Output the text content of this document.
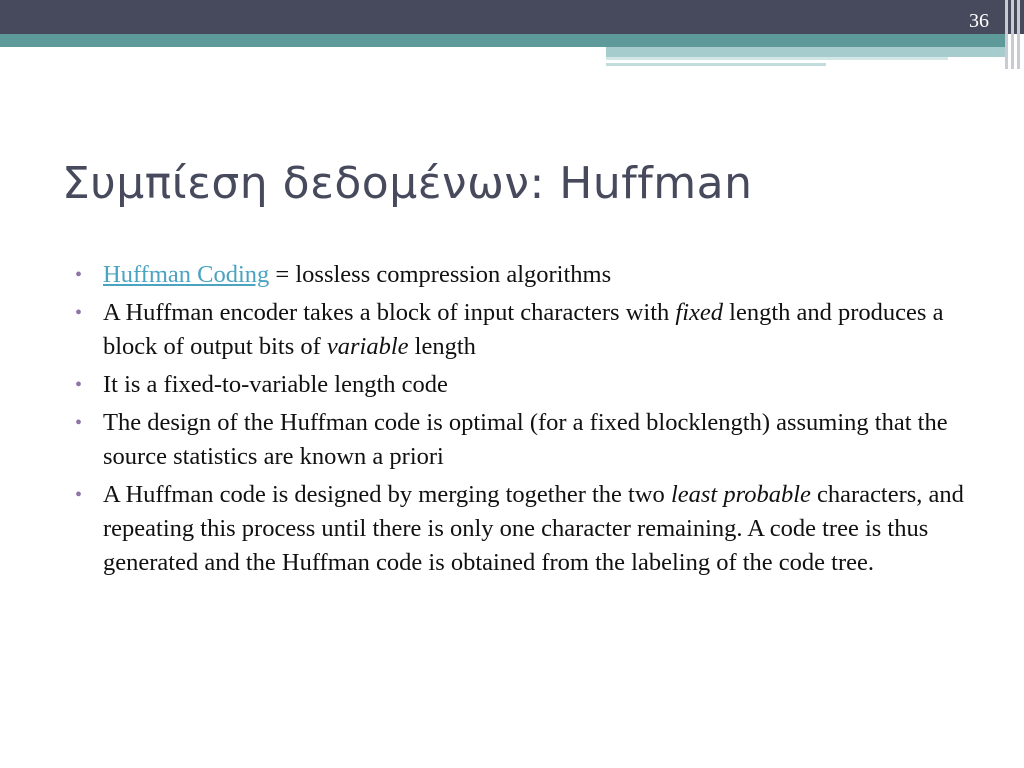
36
Συμπίεση δεδομένων: Huffman
• Huffman Coding = lossless compression algorithms
• A Huffman encoder takes a block of input characters with fixed length and produces a block of output bits of variable length
• It is a fixed-to-variable length code
• The design of the Huffman code is optimal (for a fixed blocklength) assuming that the source statistics are known a priori
• A Huffman code is designed by merging together the two least probable characters, and repeating this process until there is only one character remaining. A code tree is thus generated and the Huffman code is obtained from the labeling of the code tree.
